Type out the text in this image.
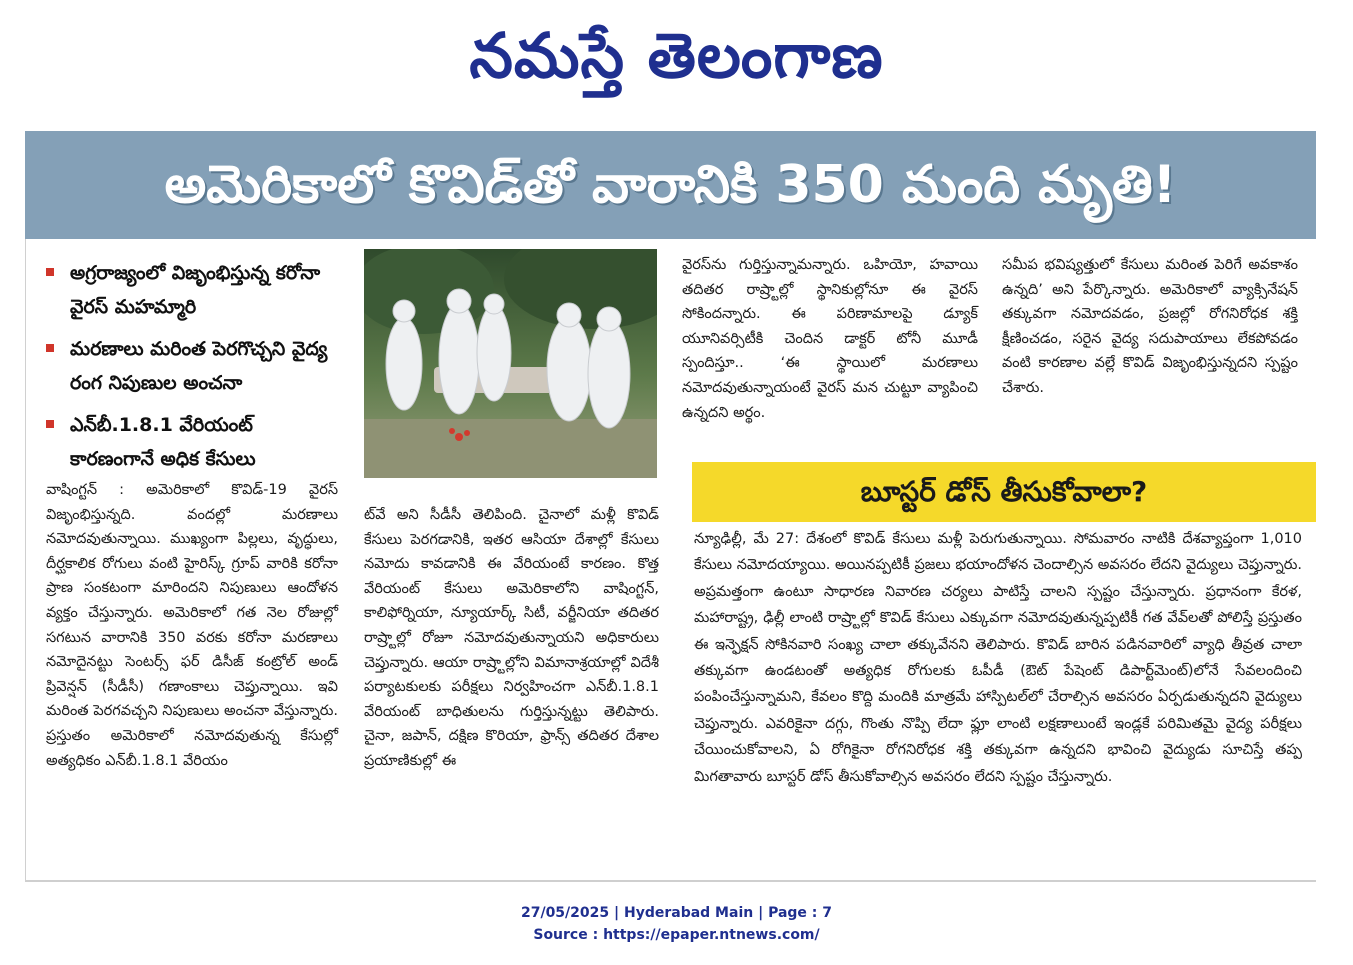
నమస్తే తెలంగాణ
అమెరికాలో కొవిడ్‌తో వారానికి 350 మంది మృతి!
అగ్రరాజ్యంలో విజృంభిస్తున్న కరోనా వైరస్‌ మహమ్మారి
మరణాలు మరింత పెరగొచ్చని వైద్య రంగ నిపుణుల అంచనా
ఎన్‌బీ.1.8.1 వేరియంట్‌ కారణంగానే అధిక కేసులు

వాషింగ్టన్‌ : అమెరికాలో కొవిడ్‌-19 వైరస్‌ విజృంభిస్తున్నది. వందల్లో మరణాలు నమోదవుతున్నాయి. ముఖ్యంగా పిల్లలు, వృద్ధులు, దీర్ఘకాలిక రోగులు వంటి హైరిస్క్‌ గ్రూప్‌ వారికి కరోనా ప్రాణ సంకటంగా మారిందని నిపుణులు ఆందోళన వ్యక్తం చేస్తున్నారు. అమెరికాలో గత నెల రోజుల్లో సగటున వారానికి 350 వరకు కరోనా మరణాలు నమోదైనట్టు సెంటర్స్‌ ఫర్‌ డిసీజ్‌ కంట్రోల్‌ అండ్‌ ప్రివెన్షన్‌ (సీడీసీ) గణాంకాలు చెప్తున్నాయి. ఇవి మరింత పెరగవచ్చని నిపుణులు అంచనా వేస్తున్నారు. ప్రస్తుతం అమెరికాలో నమోదవుతున్న కేసుల్లో అత్యధికం ఎన్‌బీ.1.8.1 వేరియం

ట్‌వే అని సీడీసీ తెలిపింది. చైనాలో మళ్లీ కొవిడ్‌ కేసులు పెరగడానికి, ఇతర ఆసియా దేశాల్లో కేసులు నమోదు కావడానికి ఈ వేరియంటే కారణం. కొత్త వేరియంట్‌ కేసులు అమెరికాలోని వాషింగ్టన్‌, కాలిఫోర్నియా, న్యూయార్క్‌ సిటీ, వర్జీనియా తదితర రాష్ర్టాల్లో రోజూ నమోదవుతున్నాయని అధికారులు చెప్తున్నారు. ఆయా రాష్ర్టాల్లోని విమానాశ్రయాల్లో విదేశీ పర్యాటకులకు పరీక్షలు నిర్వహించగా ఎన్‌బీ.1.8.1 వేరియంట్‌ బాధితులను గుర్తిస్తున్నట్టు తెలిపారు. చైనా, జపాన్‌, దక్షిణ కొరియా, ఫ్రాన్స్‌ తదితర దేశాల ప్రయాణికుల్లో ఈ

వైరస్‌ను గుర్తిస్తున్నామన్నారు. ఒహియో, హవాయి తదితర రాష్ర్టాల్లో స్థానికుల్లోనూ ఈ వైరస్‌ సోకిందన్నారు. ఈ పరిణామాలపై డ్యూక్‌ యూనివర్సిటీకి చెందిన డాక్టర్‌ టోనీ మూడీ స్పందిస్తూ.. ‘ఈ స్థాయిలో మరణాలు నమోదవుతున్నాయంటే వైరస్‌ మన చుట్టూ వ్యాపించి ఉన్నదని అర్థం.

సమీప భవిష్యత్తులో కేసులు మరింత పెరిగే అవకాశం ఉన్నది’ అని పేర్కొన్నారు. అమెరికాలో వ్యాక్సినేషన్‌ తక్కువగా నమోదవడం, ప్రజల్లో రోగనిరోధక శక్తి క్షీణించడం, సరైన వైద్య సదుపాయాలు లేకపోవడం వంటి కారణాల వల్లే కొవిడ్‌ విజృంభిస్తున్నదని స్పష్టం చేశారు.

బూస్టర్‌ డోస్‌ తీసుకోవాలా?

న్యూఢిల్లీ, మే 27: దేశంలో కొవిడ్‌ కేసులు మళ్లీ పెరుగుతున్నాయి. సోమవారం నాటికి దేశవ్యాప్తంగా 1,010 కేసులు నమోదయ్యాయి. అయినప్పటికీ ప్రజలు భయాందోళన చెందాల్సిన అవసరం లేదని వైద్యులు చెప్తున్నారు. అప్రమత్తంగా ఉంటూ సాధారణ నివారణ చర్యలు పాటిస్తే చాలని స్పష్టం చేస్తున్నారు. ప్రధానంగా కేరళ, మహారాష్ట్ర, ఢిల్లీ లాంటి రాష్ర్టాల్లో కొవిడ్‌ కేసులు ఎక్కువగా నమోదవుతున్నప్పటికీ గత వేవ్‌లతో పోలిస్తే ప్రస్తుతం ఈ ఇన్ఫెక్షన్‌ సోకినవారి సంఖ్య చాలా తక్కువేనని తెలిపారు. కొవిడ్‌ బారిన పడినవారిలో వ్యాధి తీవ్రత చాలా తక్కువగా ఉండటంతో అత్యధిక రోగులకు ఓపీడీ (ఔట్‌ పేషెంట్‌ డిపార్ట్‌మెంట్‌)లోనే సేవలందించి పంపించేస్తున్నామని, కేవలం కొద్ది మందికి మాత్రమే హాస్పిటల్‌లో చేరాల్సిన అవసరం ఏర్పడుతున్నదని వైద్యులు చెప్తున్నారు. ఎవరికైనా దగ్గు, గొంతు నొప్పి లేదా ఫ్లూ లాంటి లక్షణాలుంటే ఇండ్లకే పరిమితమై వైద్య పరీక్షలు చేయించుకోవాలని, ఏ రోగికైనా రోగనిరోధక శక్తి తక్కువగా ఉన్నదని భావించి వైద్యుడు సూచిస్తే తప్ప మిగతావారు బూస్టర్‌ డోస్‌ తీసుకోవాల్సిన అవసరం లేదని స్పష్టం చేస్తున్నారు.

27/05/2025 | Hyderabad Main | Page : 7
Source : https://epaper.ntnews.com/
